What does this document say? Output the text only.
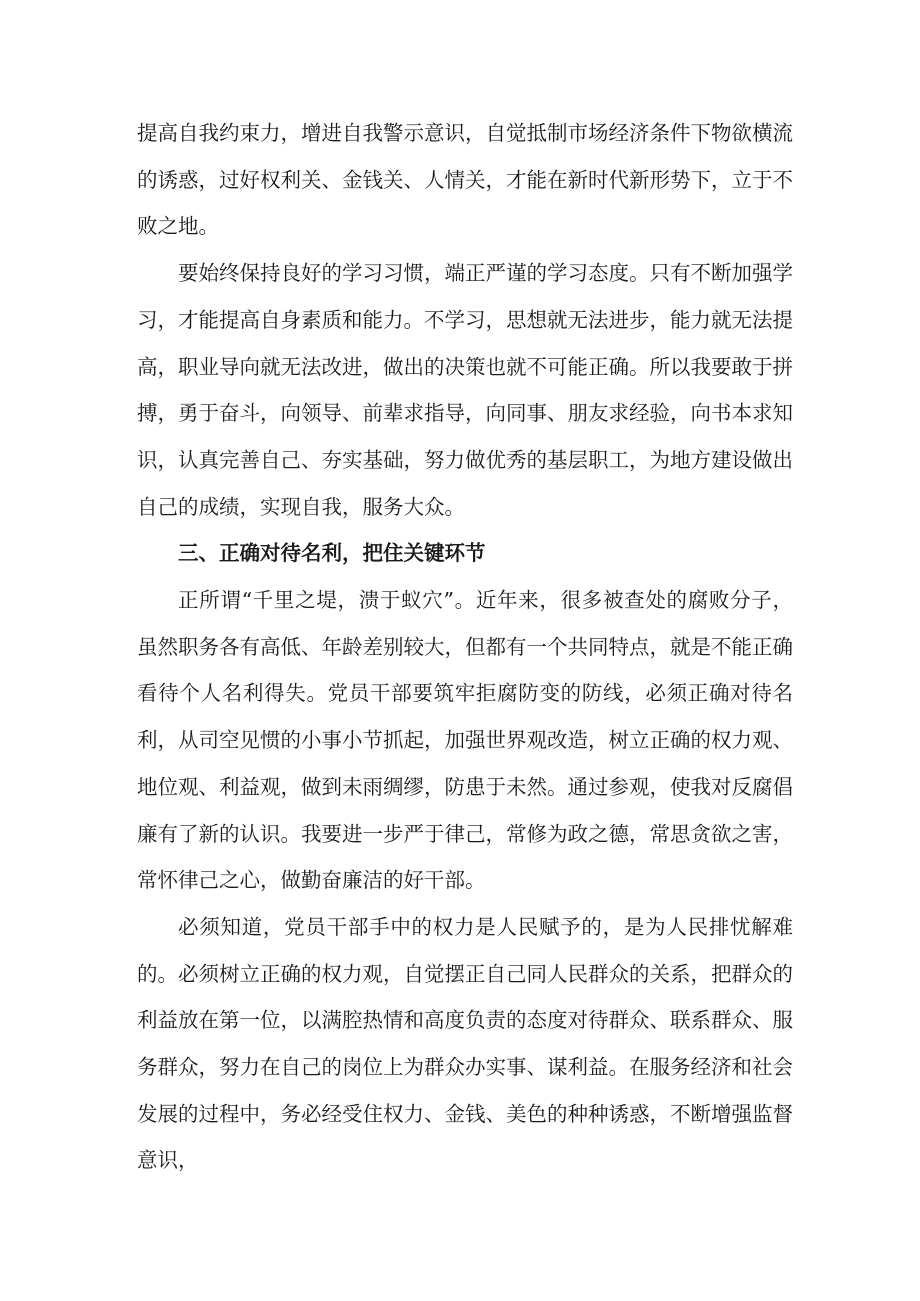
提高自我约束力，增进自我警示意识，自觉抵制市场经济条件下物欲横流的诱惑，过好权利关、金钱关、人情关，才能在新时代新形势下，立于不败之地。

要始终保持良好的学习习惯，端正严谨的学习态度。只有不断加强学习，才能提高自身素质和能力。不学习，思想就无法进步，能力就无法提高，职业导向就无法改进，做出的决策也就不可能正确。所以我要敢于拼搏，勇于奋斗，向领导、前辈求指导，向同事、朋友求经验，向书本求知识，认真完善自己、夯实基础，努力做优秀的基层职工，为地方建设做出自己的成绩，实现自我，服务大众。

三、正确对待名利，把住关键环节

正所谓“千里之堤，溃于蚁穴”。近年来，很多被查处的腐败分子，虽然职务各有高低、年龄差别较大，但都有一个共同特点，就是不能正确看待个人名利得失。党员干部要筑牢拒腐防变的防线，必须正确对待名利，从司空见惯的小事小节抓起，加强世界观改造，树立正确的权力观、地位观、利益观，做到未雨绸缪，防患于未然。通过参观，使我对反腐倡廉有了新的认识。我要进一步严于律己，常修为政之德，常思贪欲之害，常怀律己之心，做勤奋廉洁的好干部。

必须知道，党员干部手中的权力是人民赋予的，是为人民排忧解难的。必须树立正确的权力观，自觉摆正自己同人民群众的关系，把群众的利益放在第一位，以满腔热情和高度负责的态度对待群众、联系群众、服务群众，努力在自己的岗位上为群众办实事、谋利益。在服务经济和社会发展的过程中，务必经受住权力、金钱、美色的种种诱惑，不断增强监督意识，
